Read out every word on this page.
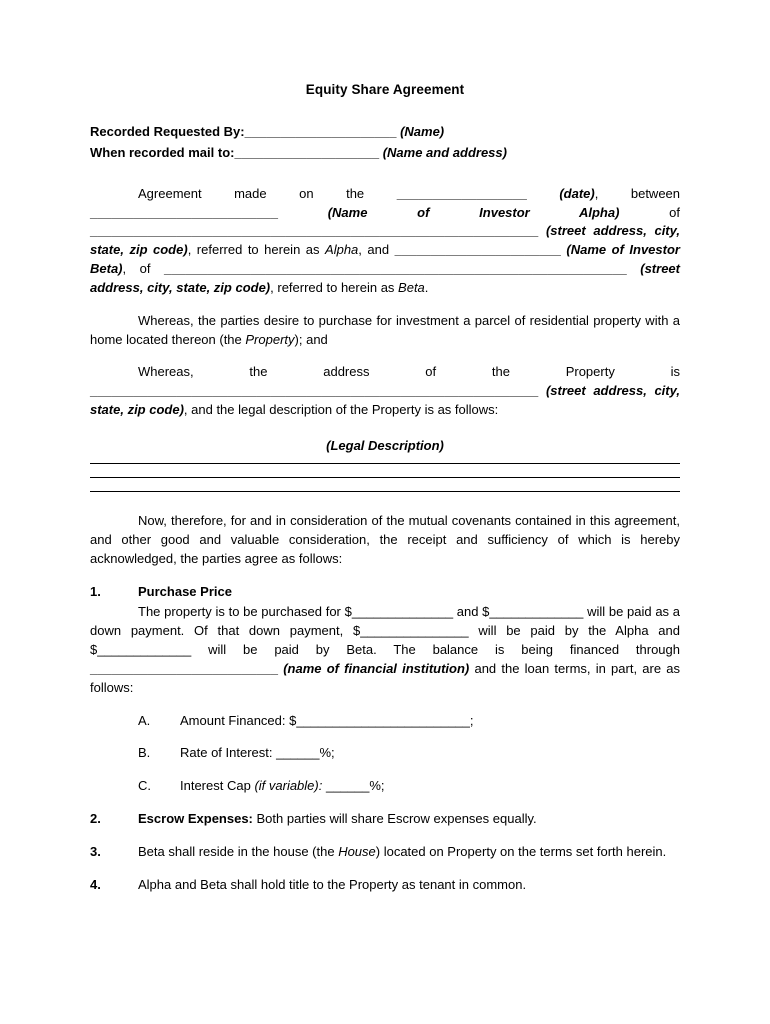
Equity Share Agreement
Recorded Requested By:_____________________ (Name)
When recorded mail to:____________________ (Name and address)
Agreement made on the __________________	(date), between __________________________	(Name of Investor Alpha) of ______________________________________________________________ (street address, city, state, zip code), referred to herein as Alpha, and _______________________ (Name of Investor Beta), of ________________________________________________________________ (street address, city, state, zip code), referred to herein as Beta.
Whereas, the parties desire to purchase for investment a parcel of residential property with a home located thereon (the Property); and
Whereas, the address of the Property is ______________________________________________________________ (street address, city, state, zip code), and the legal description of the Property is as follows:
(Legal Description)
Now, therefore, for and in consideration of the mutual covenants contained in this agreement, and other good and valuable consideration, the receipt and sufficiency of which is hereby acknowledged, the parties agree as follows:
1.	Purchase Price
The property is to be purchased for $______________ and $_____________ will be paid as a down payment. Of that down payment, $_______________ will be paid by the Alpha and $_____________ will be paid by Beta. The balance is being financed through __________________________ (name of financial institution) and the loan terms, in part, are as follows:
A. Amount Financed: $________________________;
B. Rate of Interest: ______%;
C. Interest Cap (if variable): ______%;
2.	Escrow Expenses: Both parties will share Escrow expenses equally.
3.	Beta shall reside in the house (the House) located on Property on the terms set forth herein.
4.	Alpha and Beta shall hold title to the Property as tenant in common.
